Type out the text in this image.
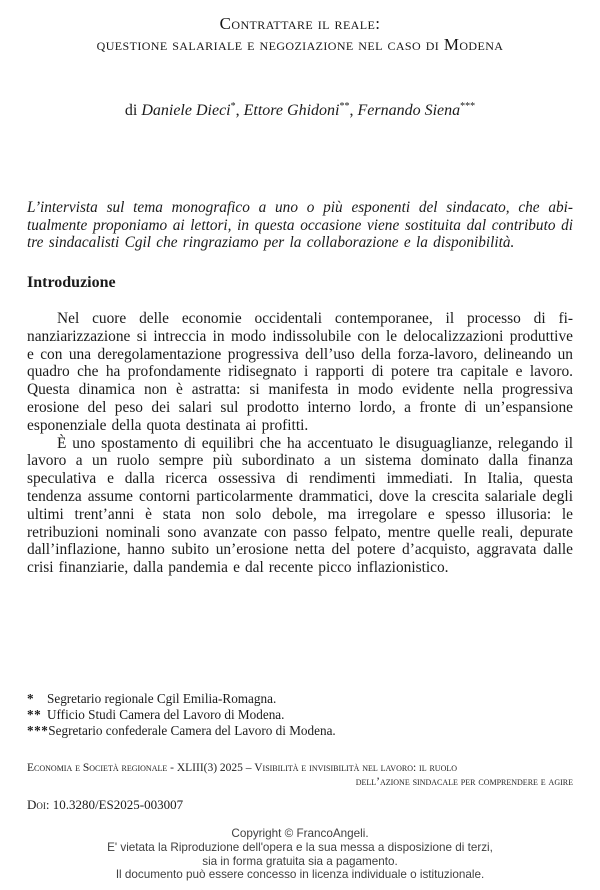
Contrattare il reale:
questione salariale e negoziazione nel caso di Modena
di Daniele Dieci*, Ettore Ghidoni**, Fernando Siena***
L’intervista sul tema monografico a uno o più esponenti del sindacato, che abitualmente proponiamo ai lettori, in questa occasione viene sostituita dal contributo di tre sindacalisti Cgil che ringraziamo per la collaborazione e la disponibilità.
Introduzione

Nel cuore delle economie occidentali contemporanee, il processo di finanziarizzazione si intreccia in modo indissolubile con le delocalizzazioni produttive e con una deregolamentazione progressiva dell’uso della forza-lavoro, delineando un quadro che ha profondamente ridisegnato i rapporti di potere tra capitale e lavoro. Questa dinamica non è astratta: si manifesta in modo evidente nella progressiva erosione del peso dei salari sul prodotto interno lordo, a fronte di un’espansione esponenziale della quota destinata ai profitti.

È uno spostamento di equilibri che ha accentuato le disuguaglianze, relegando il lavoro a un ruolo sempre più subordinato a un sistema dominato dalla finanza speculativa e dalla ricerca ossessiva di rendimenti immediati. In Italia, questa tendenza assume contorni particolarmente drammatici, dove la crescita salariale degli ultimi trent’anni è stata non solo debole, ma irregolare e spesso illusoria: le retribuzioni nominali sono avanzate con passo felpato, mentre quelle reali, depurate dall’inflazione, hanno subito un’erosione netta del potere d’acquisto, aggravata dalle crisi finanziarie, dalla pandemia e dal recente picco inflazionistico.

* Segretario regionale Cgil Emilia-Romagna.
** Ufficio Studi Camera del Lavoro di Modena.
***Segretario confederale Camera del Lavoro di Modena.
Economia e Società regionale - XLIII(3) 2025 – Visibilità e invisibilità nel lavoro: il ruolo
dell’azione sindacale per comprendere e agire
Doi: 10.3280/ES2025-003007
Copyright © FrancoAngeli.
E' vietata la Riproduzione dell'opera e la sua messa a disposizione di terzi,
sia in forma gratuita sia a pagamento.
Il documento può essere concesso in licenza individuale o istituzionale.
